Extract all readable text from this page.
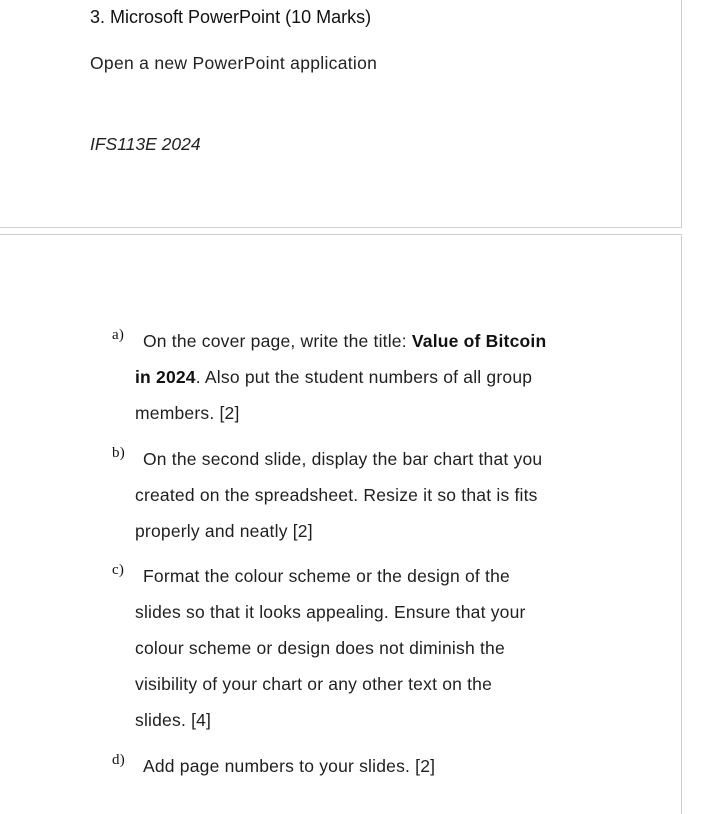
3. Microsoft PowerPoint (10 Marks)

Open a new PowerPoint application

IFS113E 2024

a)	On the cover page, write the title: Value of Bitcoin
in 2024. Also put the student numbers of all group
members. [2]
b)	On the second slide, display the bar chart that you
created on the spreadsheet. Resize it so that is fits
properly and neatly [2]
c)	Format the colour scheme or the design of the
slides so that it looks appealing. Ensure that your
colour scheme or design does not diminish the
visibility of your chart or any other text on the
slides. [4]
d)	Add page numbers to your slides. [2]
